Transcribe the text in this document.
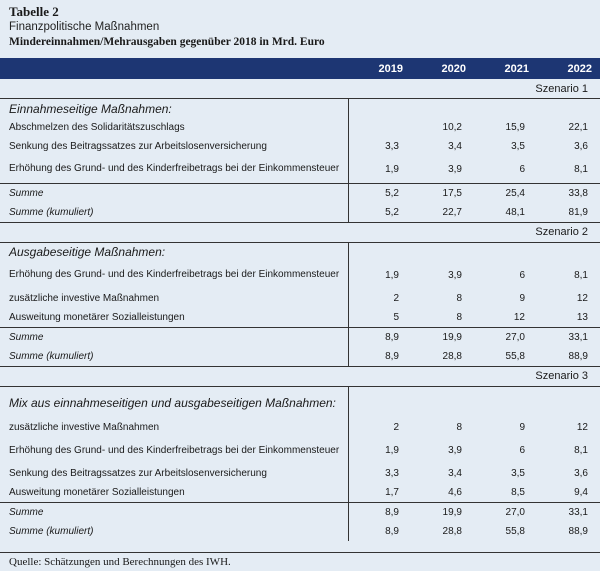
Tabelle 2
Finanzpolitische Maßnahmen
Mindereinnahmen/Mehrausgaben gegenüber 2018 in Mrd. Euro
	2019	2020	2021	2022
Szenario 1				
Einnahmeseitige Maßnahmen:				
Abschmelzen des Solidaritätszuschlags		10,2	15,9	22,1
Senkung des Beitragssatzes zur Arbeitslosenversicherung	3,3	3,4	3,5	3,6
Erhöhung des Grund- und des Kinderfreibetrags bei der Einkommensteuer	1,9	3,9	6	8,1
Summe	5,2	17,5	25,4	33,8
Summe (kumuliert)	5,2	22,7	48,1	81,9
Szenario 2				
Ausgabeseitige Maßnahmen:				
Erhöhung des Grund- und des Kinderfreibetrags bei der Einkommensteuer	1,9	3,9	6	8,1
zusätzliche investive Maßnahmen	2	8	9	12
Ausweitung monetärer Sozialleistungen	5	8	12	13
Summe	8,9	19,9	27,0	33,1
Summe (kumuliert)	8,9	28,8	55,8	88,9
Szenario 3				
Mix aus einnahmeseitigen und ausgabeseitigen Maßnahmen:				
zusätzliche investive Maßnahmen	2	8	9	12
Erhöhung des Grund- und des Kinderfreibetrags bei der Einkommensteuer	1,9	3,9	6	8,1
Senkung des Beitragssatzes zur Arbeitslosenversicherung	3,3	3,4	3,5	3,6
Ausweitung monetärer Sozialleistungen	1,7	4,6	8,5	9,4
Summe	8,9	19,9	27,0	33,1
Summe (kumuliert)	8,9	28,8	55,8	88,9
Quelle: Schätzungen und Berechnungen des IWH.
